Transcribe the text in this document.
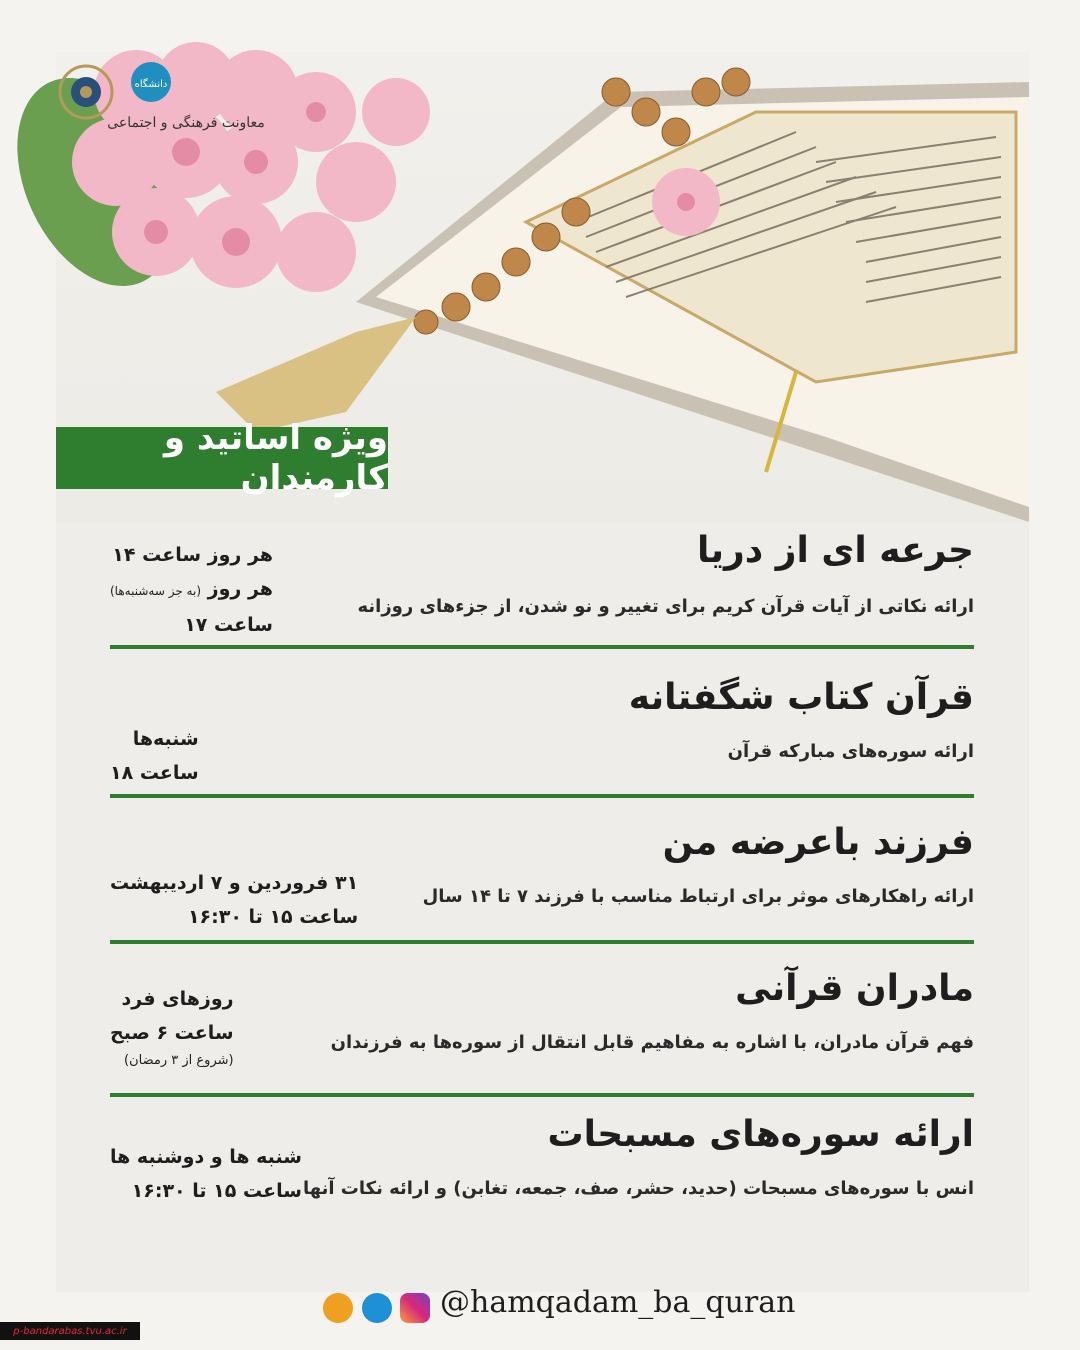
ویژه اساتید و کارمندان
دانشگاه
معاونت فرهنگی و اجتماعی
جرعه ای از دریا
ارائه نکاتی از آیات قرآن کریم برای تغییر و نو شدن، از جزءهای روزانه
هر روز ساعت ۱۴
هر روز (به جز سه‌شنبه‌ها)
ساعت ۱۷
قرآن کتاب شگفتانه
ارائه سوره‌های مبارکه قرآن
شنبه‌ها
ساعت ۱۸
فرزند باعرضه من
ارائه راهکارهای موثر برای ارتباط مناسب با فرزند ۷ تا ۱۴ سال
۳۱ فروردین و ۷ اردیبهشت
ساعت ۱۵ تا ۱۶:۳۰
مادران قرآنی
فهم قرآن مادران، با اشاره به مفاهیم قابل انتقال از سوره‌ها به فرزندان
روزهای فرد
ساعت ۶ صبح
(شروع از ۳ رمضان)
ارائه سوره‌های مسبحات
انس با سوره‌های مسبحات (حدید، حشر، صف، جمعه، تغابن) و ارائه نکات آنها
شنبه ها و دوشنبه ها
ساعت ۱۵ تا ۱۶:۳۰
@hamqadam_ba_quran
p-bandarabas.tvu.ac.ir
